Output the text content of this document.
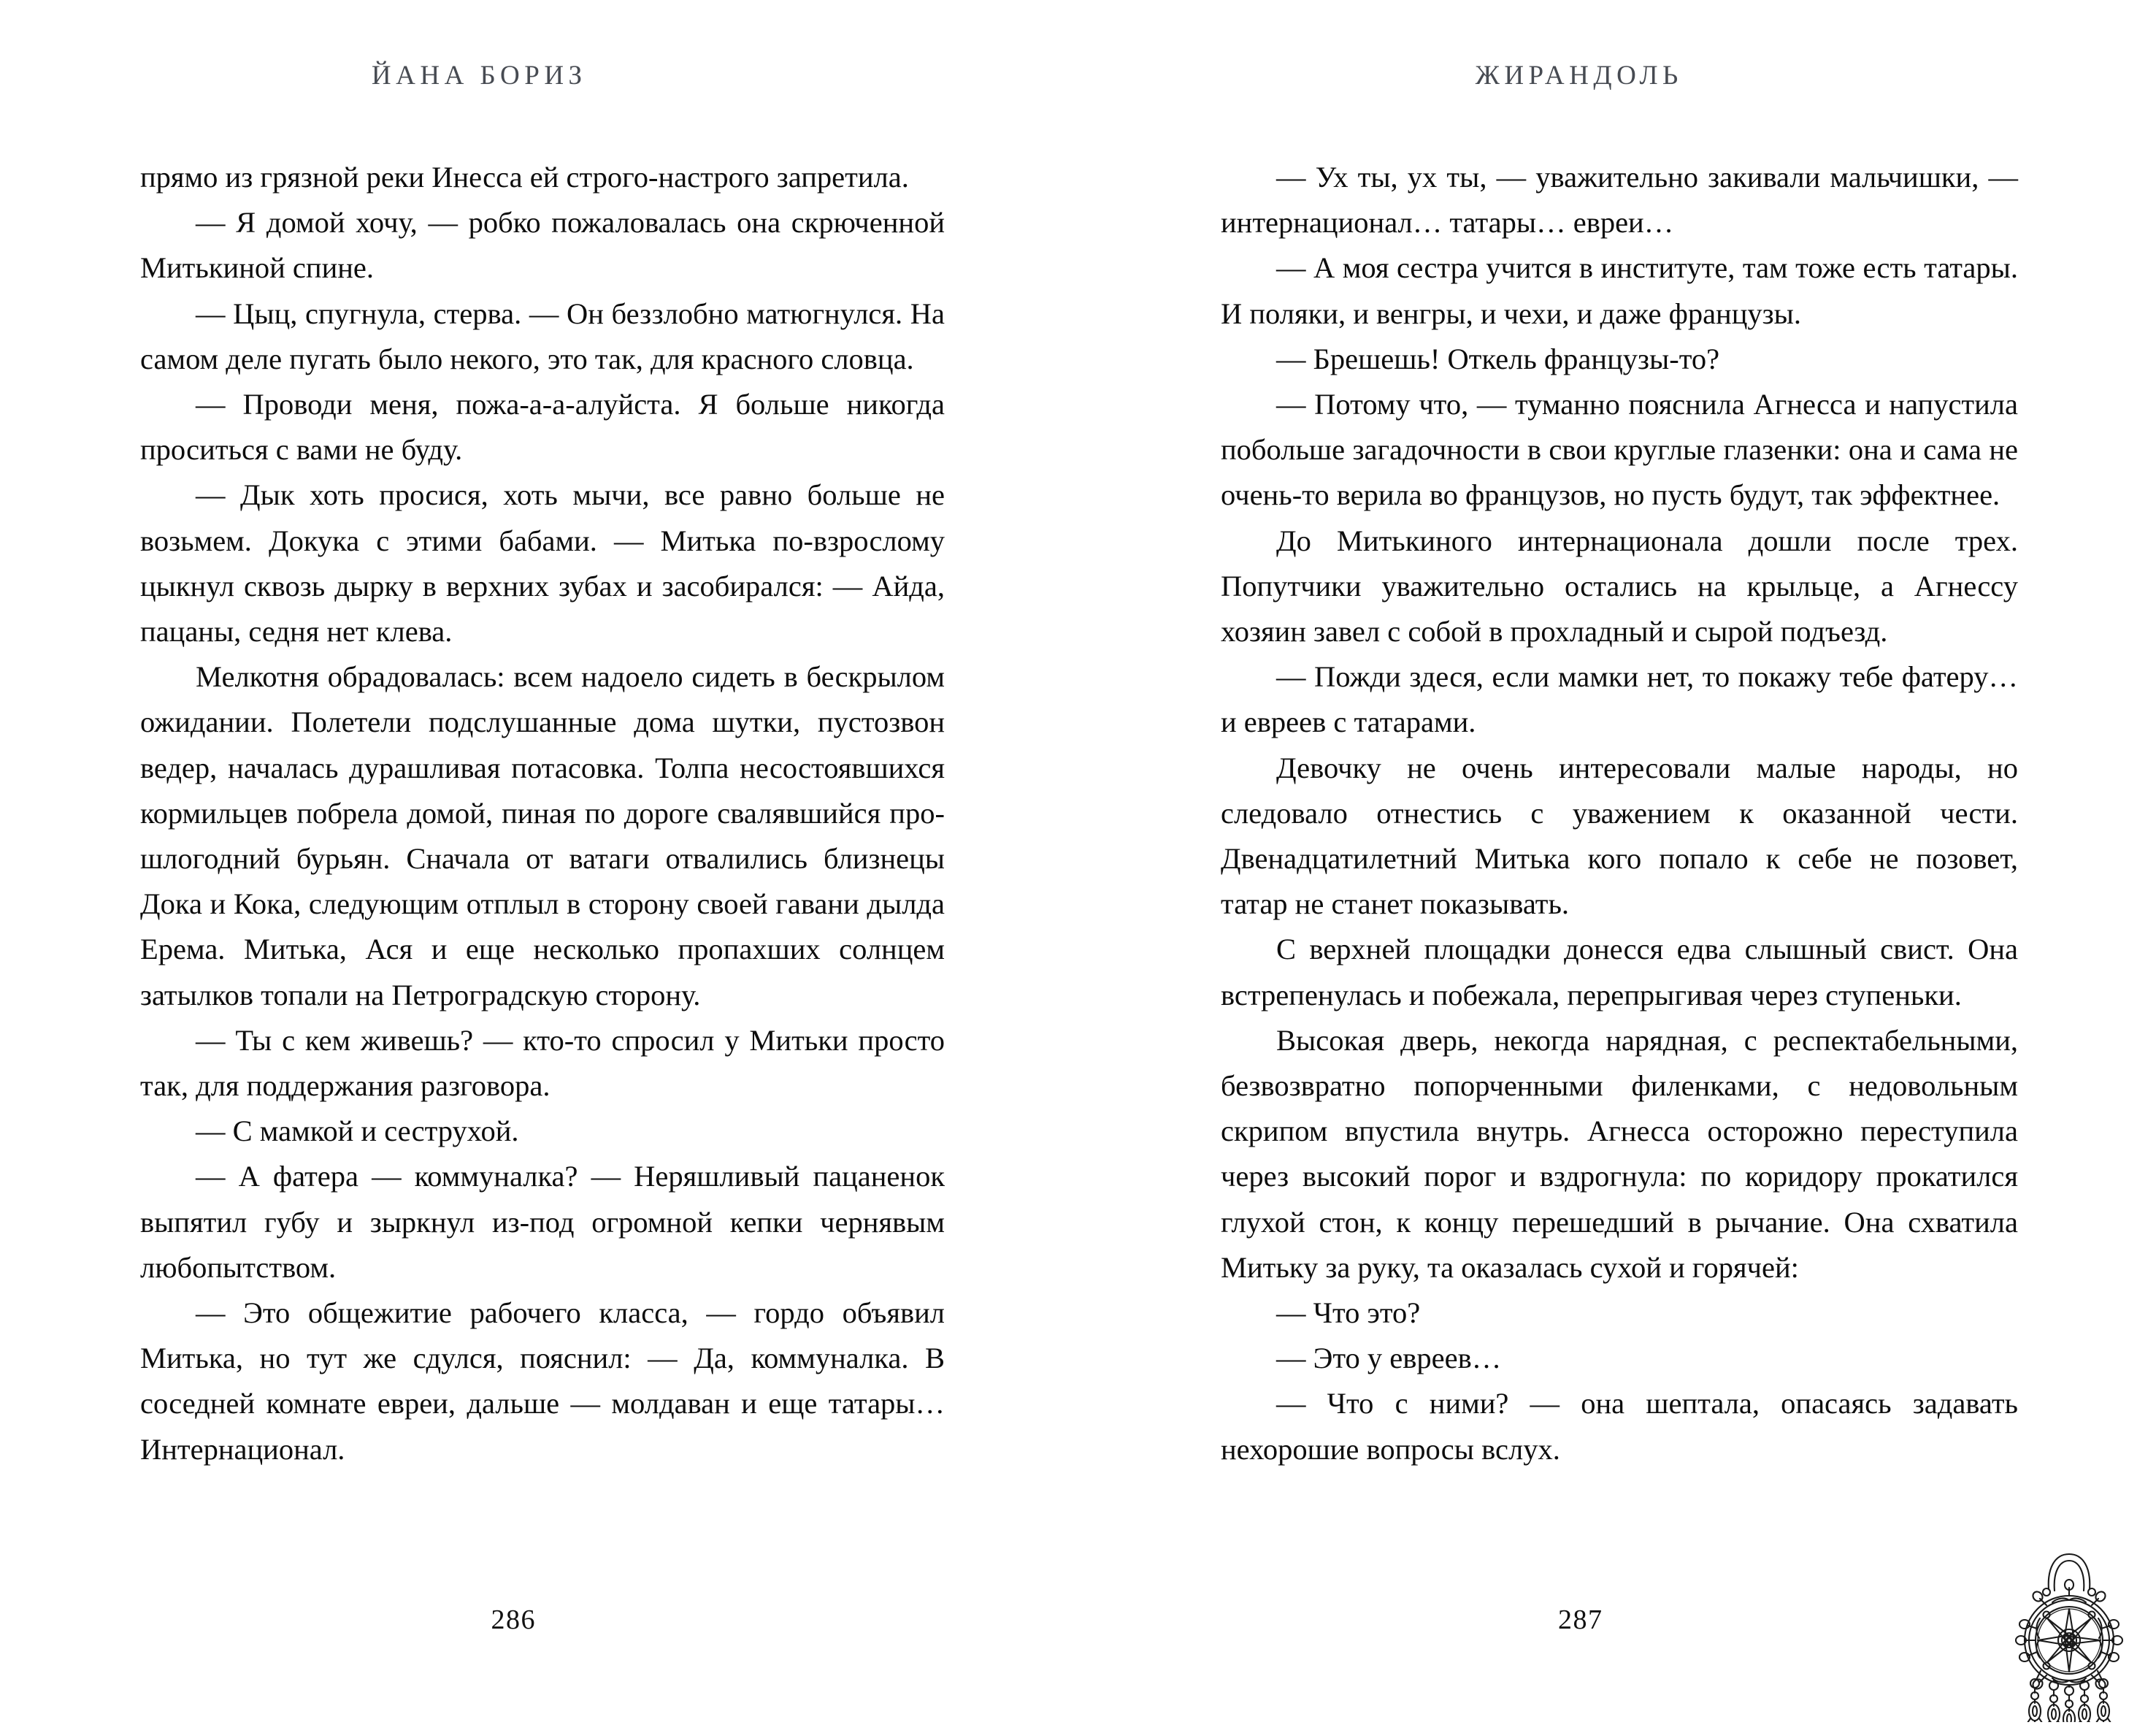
ЙАНА БОРИЗ	ЖИРАНДОЛЬ

прямо из грязной реки Инесса ей строго-настрого запретила.

— Я домой хочу, — робко пожаловалась она скрюченной Митькиной спине.

— Цыц, спугнула, стерва. — Он беззлобно матюгнулся. На самом деле пугать было некого, это так, для красного словца.

— Проводи меня, пожа-а-а-алуйста. Я больше никогда проситься с вами не буду.

— Дык хоть просися, хоть мычи, все равно больше не возьмем. Докука с этими бабами. — Митька по-взрослому цыкнул сквозь дырку в верхних зубах и засобирался: — Айда, пацаны, седня нет клева.

Мелкотня обрадовалась: всем надоело сидеть в бескрылом ожидании. Полетели подслушанные дома шутки, пустозвон ведер, началась дурашливая потасовка. Толпа несостоявшихся кормильцев побрела домой, пиная по дороге свалявшийся прошлогодний бурьян. Сначала от ватаги отвалились близнецы Дока и Кока, следующим отплыл в сторону своей гавани дылда Ерема. Митька, Ася и еще несколько пропахших солнцем затылков топали на Петроградскую сторону.

— Ты с кем живешь? — кто-то спросил у Митьки просто так, для поддержания разговора.

— С мамкой и сеструхой.

— А фатера — коммуналка? — Неряшливый пацаненок выпятил губу и зыркнул из-под огромной кепки чернявым любопытством.

— Это общежитие рабочего класса, — гордо объявил Митька, но тут же сдулся, пояснил: — Да, коммуналка. В соседней комнате евреи, дальше — молдаван и еще татары… Интернационал.

— Ух ты, ух ты, — уважительно закивали мальчишки, — интернационал… татары… евреи…

— А моя сестра учится в институте, там тоже есть татары. И поляки, и венгры, и чехи, и даже французы.

— Брешешь! Откель французы-то?

— Потому что, — туманно пояснила Агнесса и напустила побольше загадочности в свои круглые глазенки: она и сама не очень-то верила во французов, но пусть будут, так эффектнее.

До Митькиного интернационала дошли после трех. Попутчики уважительно остались на крыльце, а Агнессу хозяин завел с собой в прохладный и сырой подъезд.

— Пожди здеся, если мамки нет, то покажу тебе фатеру… и евреев с татарами.

Девочку не очень интересовали малые народы, но следовало отнестись с уважением к оказанной чести. Двенадцатилетний Митька кого попало к себе не позовет, татар не станет показывать.

С верхней площадки донесся едва слышный свист. Она встрепенулась и побежала, перепрыгивая через ступеньки.

Высокая дверь, некогда нарядная, с респектабельными, безвозвратно попорченными филенками, с недовольным скрипом впустила внутрь. Агнесса осторожно переступила через высокий порог и вздрогнула: по коридору прокатился глухой стон, к концу перешедший в рычание. Она схватила Митьку за руку, та оказалась сухой и горячей:

— Что это?

— Это у евреев…

— Что с ними? — она шептала, опасаясь задавать нехорошие вопросы вслух.

286	287
